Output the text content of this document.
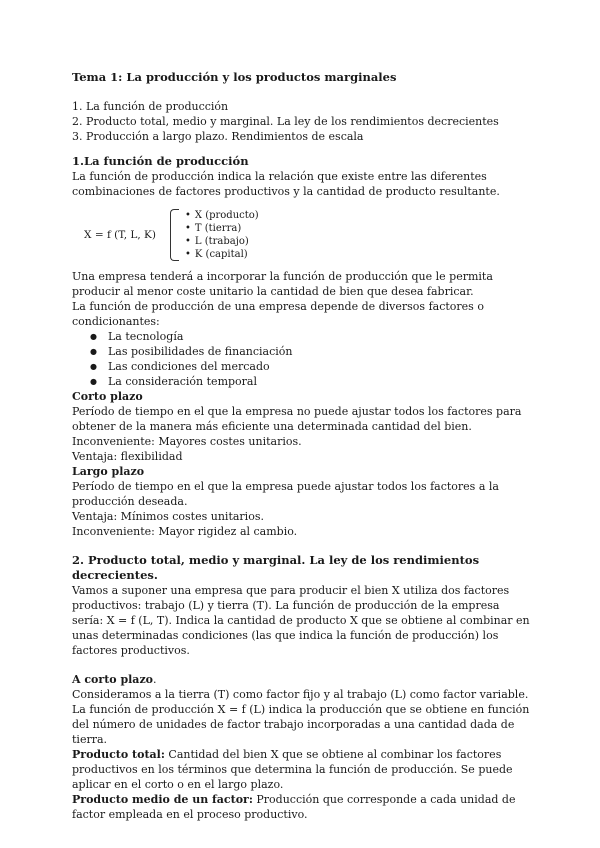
Tema 1: La producción y los productos marginales

1. La función de producción
2. Producto total, medio y marginal. La ley de los rendimientos decrecientes
3. Producción a largo plazo. Rendimientos de escala
1.La función de producción

La función de producción indica la relación que existe entre las diferentes combinaciones de factores productivos y la cantidad de producto resultante.

X = f (T, L, K)
• X (producto)
• T (tierra)
• L (trabajo)
• K (capital)

Una empresa tenderá a incorporar la función de producción que le permita producir al menor coste unitario la cantidad de bien que desea fabricar.

La función de producción de una empresa depende de diversos factores o condicionantes:

● La tecnología
● Las posibilidades de financiación
● Las condiciones del mercado
● La consideración temporal
Corto plazo

Período de tiempo en el que la empresa no puede ajustar todos los factores para obtener de la manera más eficiente una determinada cantidad del bien.

Inconveniente: Mayores costes unitarios.

Ventaja: flexibilidad

Largo plazo

Período de tiempo en el que la empresa puede ajustar todos los factores a la producción deseada.

Ventaja: Mínimos costes unitarios.

Inconveniente: Mayor rigidez al cambio.

2. Producto total, medio y marginal. La ley de los rendimientos decrecientes.

Vamos a suponer una empresa que para producir el bien X utiliza dos factores productivos: trabajo (L) y tierra (T). La función de producción de la empresa sería: X = f (L, T). Indica la cantidad de producto X que se obtiene al combinar en unas determinadas condiciones (las que indica la función de producción) los factores productivos.

A corto plazo.

Consideramos a la tierra (T) como factor fijo y al trabajo (L) como factor variable. La función de producción X = f (L) indica la producción que se obtiene en función del número de unidades de factor trabajo incorporadas a una cantidad dada de tierra.

Producto total: Cantidad del bien X que se obtiene al combinar los factores productivos en los términos que determina la función de producción. Se puede aplicar en el corto o en el largo plazo.

Producto medio de un factor: Producción que corresponde a cada unidad de factor empleada en el proceso productivo.
